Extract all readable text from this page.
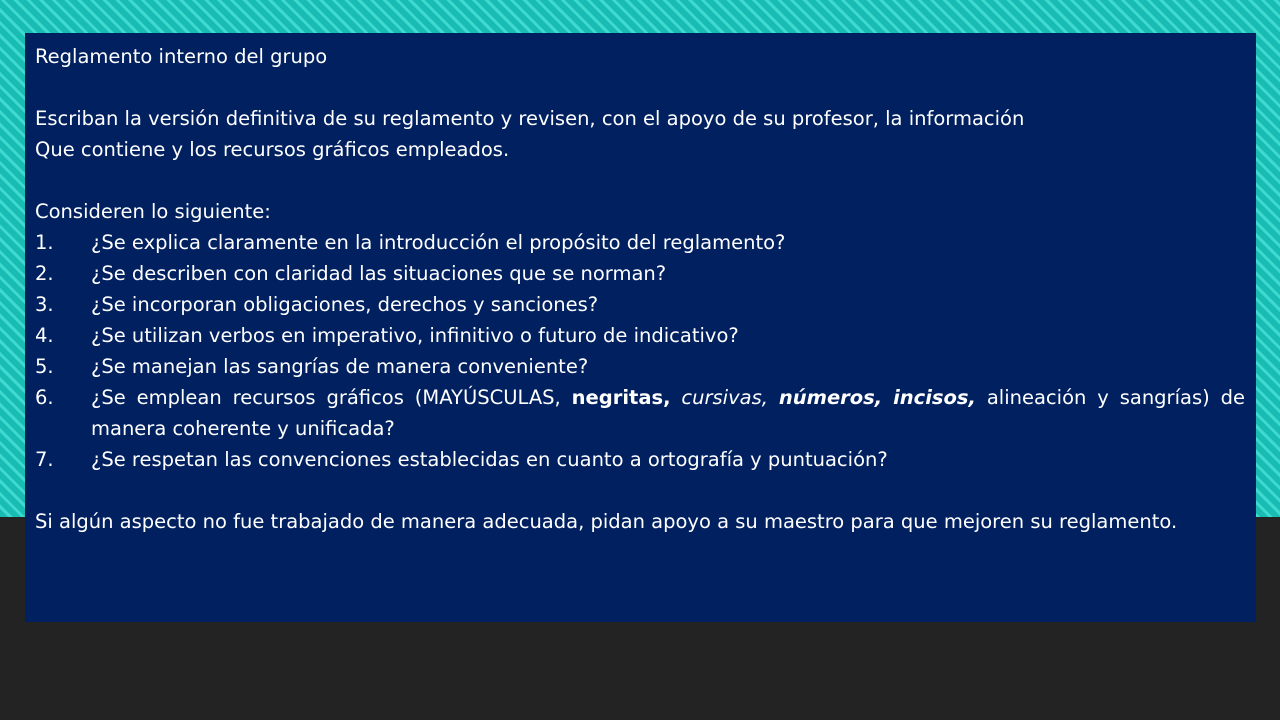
Reglamento interno del grupo

Escriban la versión definitiva de su reglamento y revisen, con el apoyo de su profesor, la información

Que contiene y los recursos gráficos empleados.

Consideren lo siguiente:

1.	¿Se explica claramente en la introducción el propósito del reglamento?
2.	¿Se describen con claridad las situaciones que se norman?
3.	¿Se incorporan obligaciones, derechos y sanciones?
4.	¿Se utilizan verbos en imperativo, infinitivo o futuro de indicativo?
5.	¿Se manejan las sangrías de manera conveniente?
6.	¿Se emplean recursos gráficos (MAYÚSCULAS, negritas, cursivas, números, incisos, alineación y sangrías) de manera coherente y unificada?
7.	¿Se respetan las convenciones establecidas en cuanto a ortografía y puntuación?

Si algún aspecto no fue trabajado de manera adecuada, pidan apoyo a su maestro para que mejoren su reglamento.
